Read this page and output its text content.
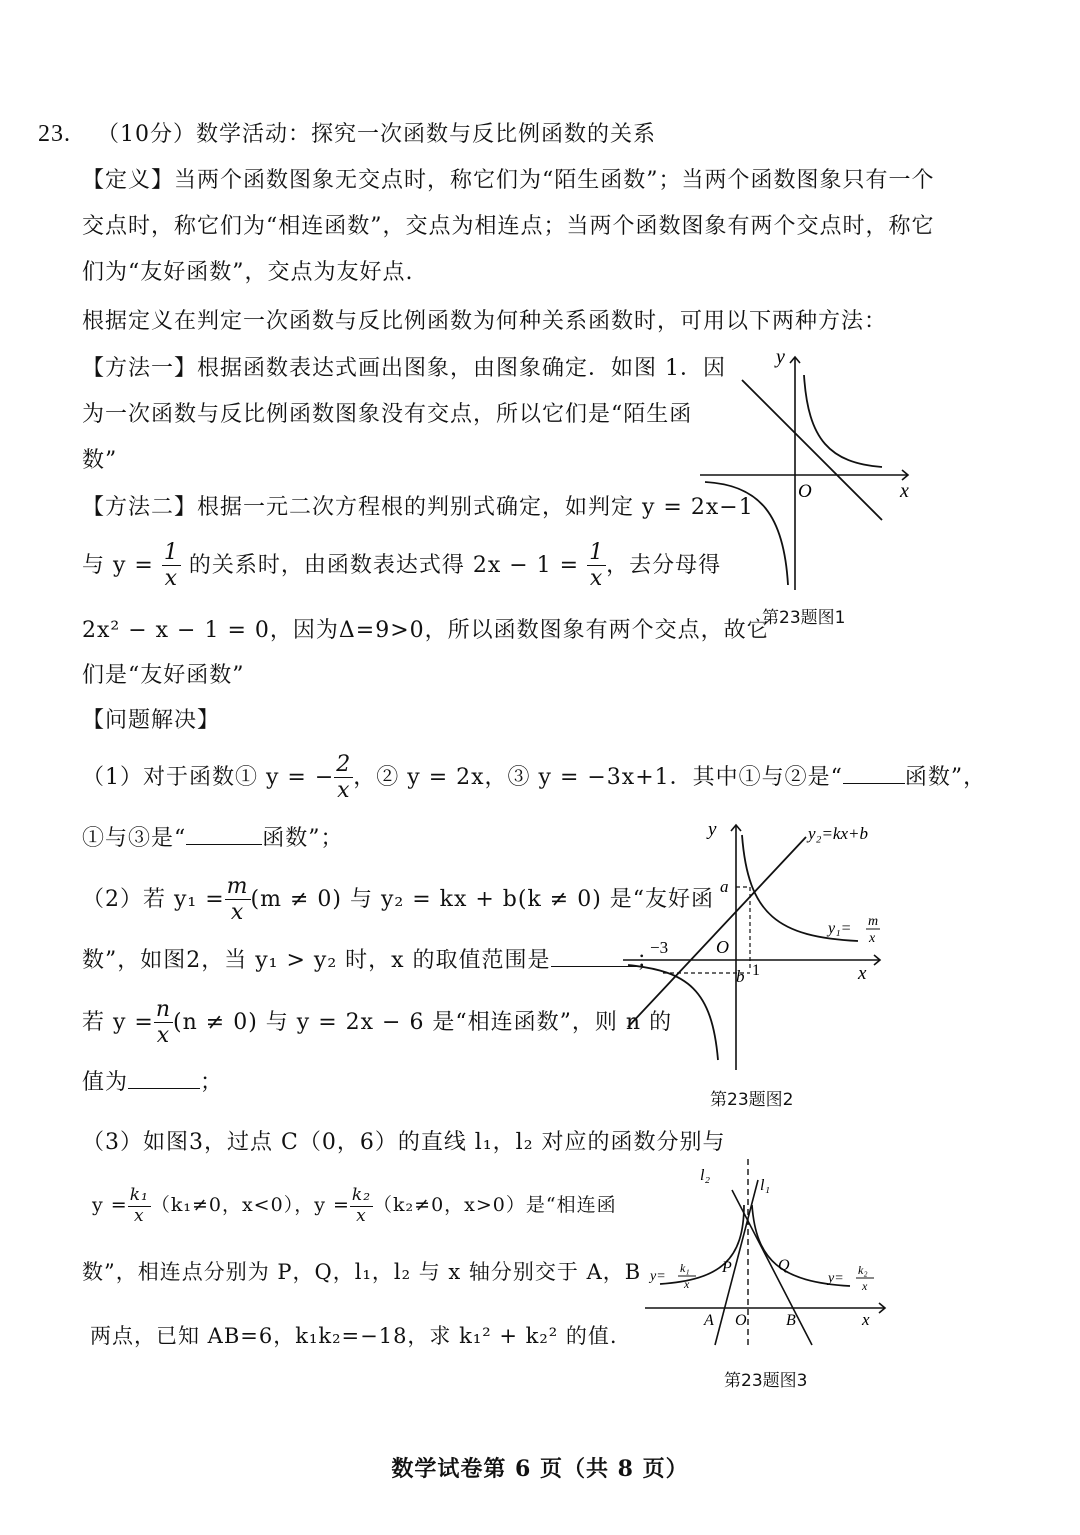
23. （10分）数学活动：探究一次函数与反比例函数的关系
【定义】当两个函数图象无交点时，称它们为“陌生函数”；当两个函数图象只有一个
交点时，称它们为“相连函数”，交点为相连点；当两个函数图象有两个交点时，称它
们为“友好函数”，交点为友好点.
根据定义在判定一次函数与反比例函数为何种关系函数时，可用以下两种方法：
【方法一】根据函数表达式画出图象，由图象确定．如图 1．因
为一次函数与反比例函数图象没有交点，所以它们是“陌生函
数”
【方法二】根据一元二次方程根的判别式确定，如判定 y = 2x−1
与 $y = \frac{1}{x}$ 的关系时，由函数表达式得 $2x - 1 = \frac{1}{x}$ ，去分母得
2x² − x − 1 = 0，因为Δ=9>0，所以函数图象有两个交点，故它
们是“友好函数”
【问题解决】
（1）对于函数① y = − $\frac{2}{x}$ ，② y = 2x，③ y = −3x+1．其中①与②是“	函数”，
①与③是“	函数”；
（2）若 $y_1 = \frac{m}{x} (m \ne 0)$ 与 y₂ = kx + b(k ≠ 0) 是“友好函
数”，如图2，当 y₁ > y₂ 时，x 的取值范围是	；
若 $y = \frac{n}{x} (n \ne 0)$ 与 y = 2x − 6 是“相连函数”，则 n 的
值为	；
（3）如图3，过点 C（0，6）的直线 l₁，l₂ 对应的函数分别与
$y = \frac{\text{k₁}}{x} (k_1\ne 0$，x<0），$y = \frac{\text{k₂}}{x} (k_2\ne 0$，x>0）是“相连函
数”，相连点分别为 P，Q，l₁，l₂ 与 x 轴分别交于 A，B
两点，已知 AB=6，k₁k₂=−18，求 k₁² + k₂² 的值.
y
x
O
第23题图1
y
x
O
y₂=kx+b
y₁= m
x
a
b
−3
1
第23题图2
l₂
l₁
P	Q
A O B	x
y=
k₁
x	y=
k₂
x
第23题图3
数学试卷第 6 页（共 8 页）
